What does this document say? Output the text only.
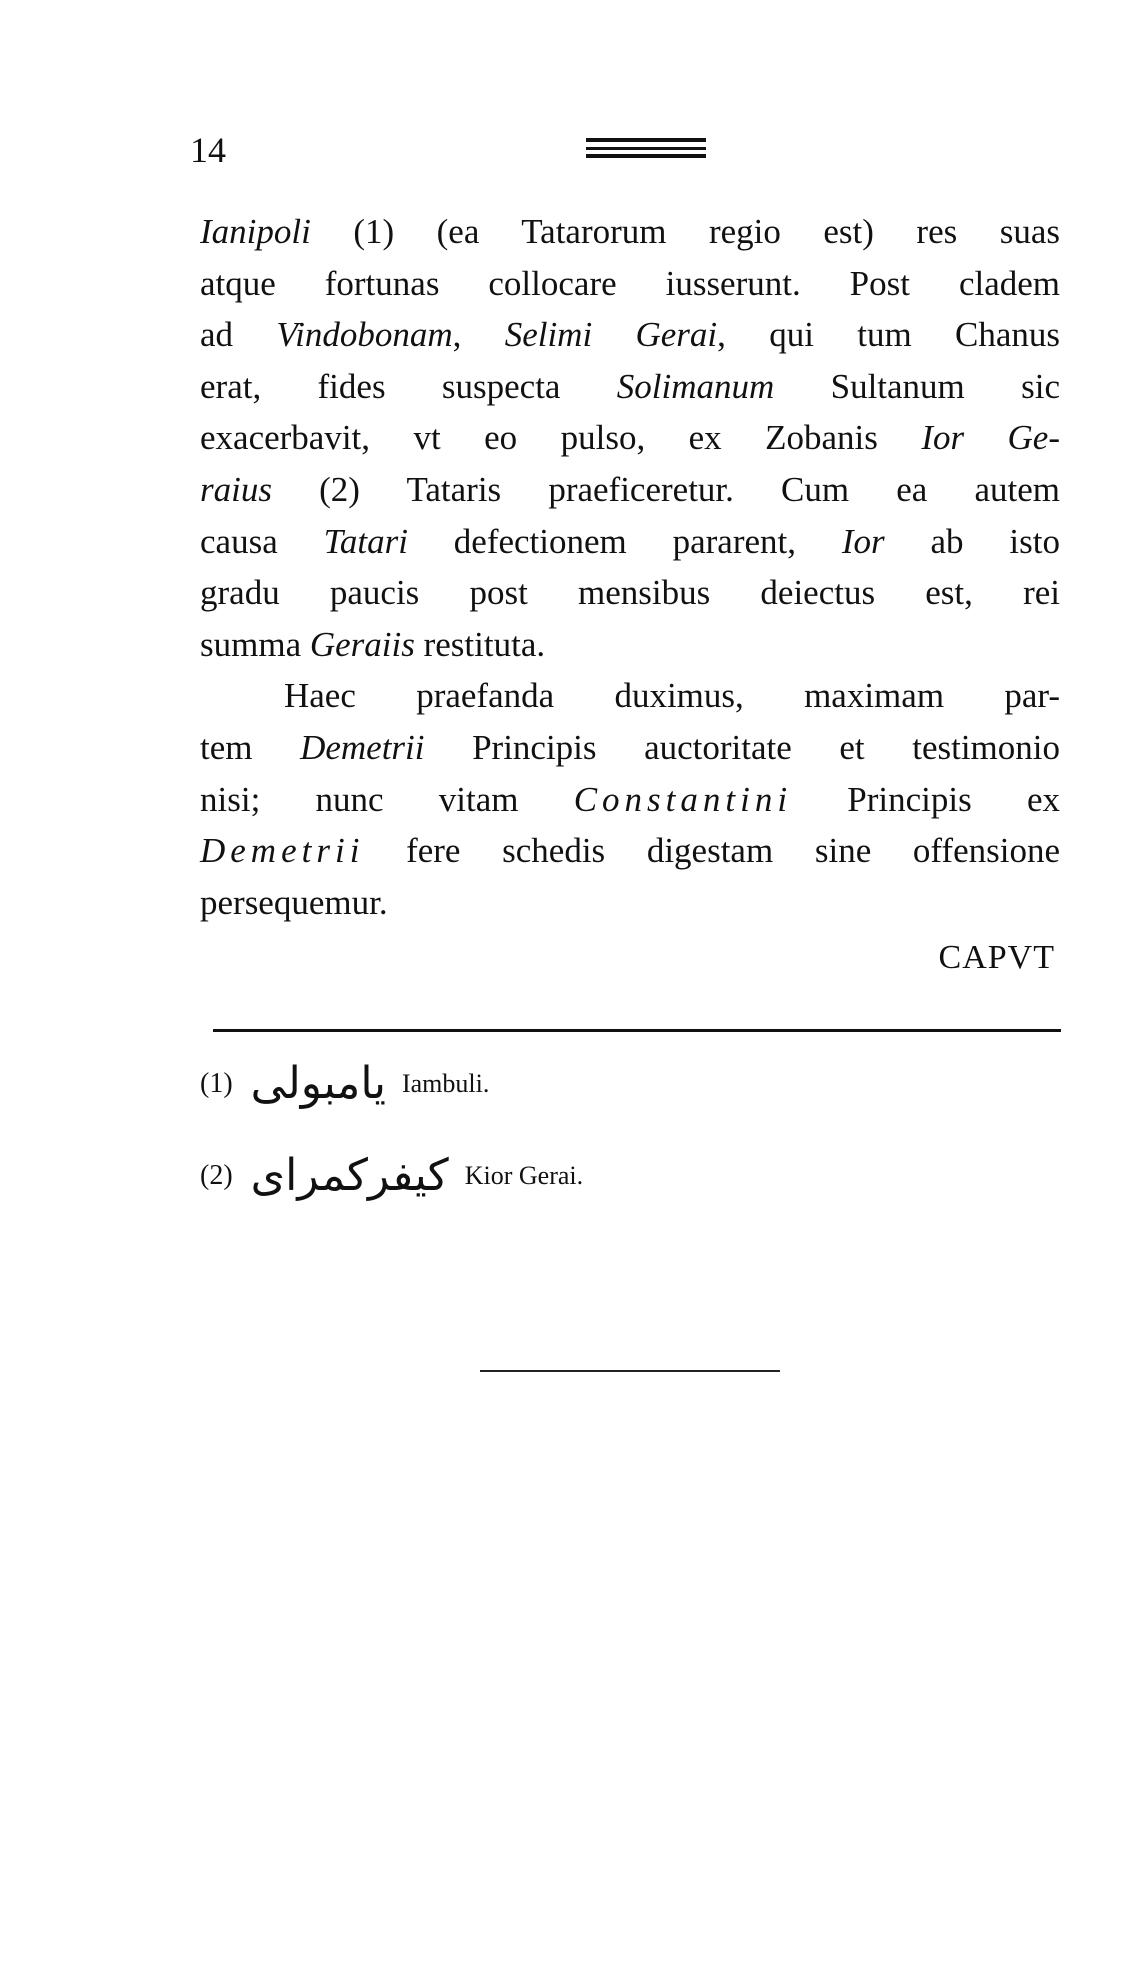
14
Ianipoli (1) (ea Tatarorum regio est) res suas
atque fortunas collocare iusserunt. Post cladem
ad Vindobonam, Selimi Gerai, qui tum Chanus
erat, fides suspecta Solimanum Sultanum sic
exacerbavit, vt eo pulso, ex Zobanis Ior Ge-
raius (2) Tataris praeficeretur. Cum ea autem
causa Tatari defectionem pararent, Ior ab isto
gradu paucis post mensibus deiectus est, rei
summa Geraiis restituta.
Haec praefanda duximus, maximam par-
tem Demetrii Principis auctoritate et testimonio
nisi; nunc vitam Constantini Principis ex
Demetrii fere schedis digestam sine offensione
persequemur.
CAPVT
(1) يامبولى Iambuli.
(2) كيفركمراى Kior Gerai.
